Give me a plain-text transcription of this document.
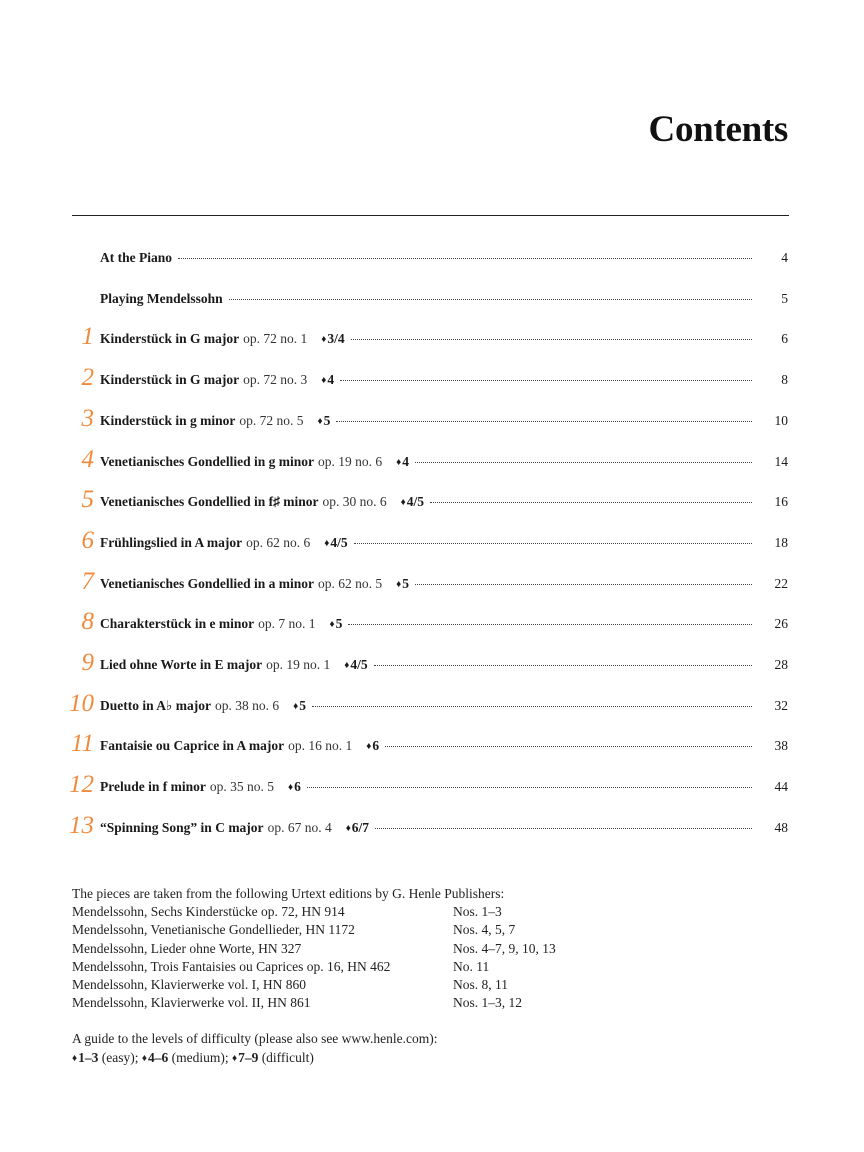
Contents
At the Piano	4
Playing Mendelssohn	5
1 Kinderstück in G major op. 72 no. 1 ♦3/4	6
2 Kinderstück in G major op. 72 no. 3 ♦4	8
3 Kinderstück in g minor op. 72 no. 5 ♦5	10
4 Venetianisches Gondellied in g minor op. 19 no. 6 ♦4	14
5 Venetianisches Gondellied in f♯ minor op. 30 no. 6 ♦4/5	16
6 Frühlingslied in A major op. 62 no. 6 ♦4/5	18
7 Venetianisches Gondellied in a minor op. 62 no. 5 ♦5	22
8 Charakterstück in e minor op. 7 no. 1 ♦5	26
9 Lied ohne Worte in E major op. 19 no. 1 ♦4/5	28
10 Duetto in A♭ major op. 38 no. 6 ♦5	32
11 Fantaisie ou Caprice in A major op. 16 no. 1 ♦6	38
12 Prelude in f minor op. 35 no. 5 ♦6	44
13 “Spinning Song” in C major op. 67 no. 4 ♦6/7	48
The pieces are taken from the following Urtext editions by G. Henle Publishers:
Mendelssohn, Sechs Kinderstücke op. 72, HN 914	Nos. 1–3
Mendelssohn, Venetianische Gondellieder, HN 1172	Nos. 4, 5, 7
Mendelssohn, Lieder ohne Worte, HN 327	Nos. 4–7, 9, 10, 13
Mendelssohn, Trois Fantaisies ou Caprices op. 16, HN 462	No. 11
Mendelssohn, Klavierwerke vol. I, HN 860	Nos. 8, 11
Mendelssohn, Klavierwerke vol. II, HN 861	Nos. 1–3, 12
A guide to the levels of difficulty (please also see www.henle.com):
♦1–3 (easy); ♦4–6 (medium); ♦7–9 (difficult)
